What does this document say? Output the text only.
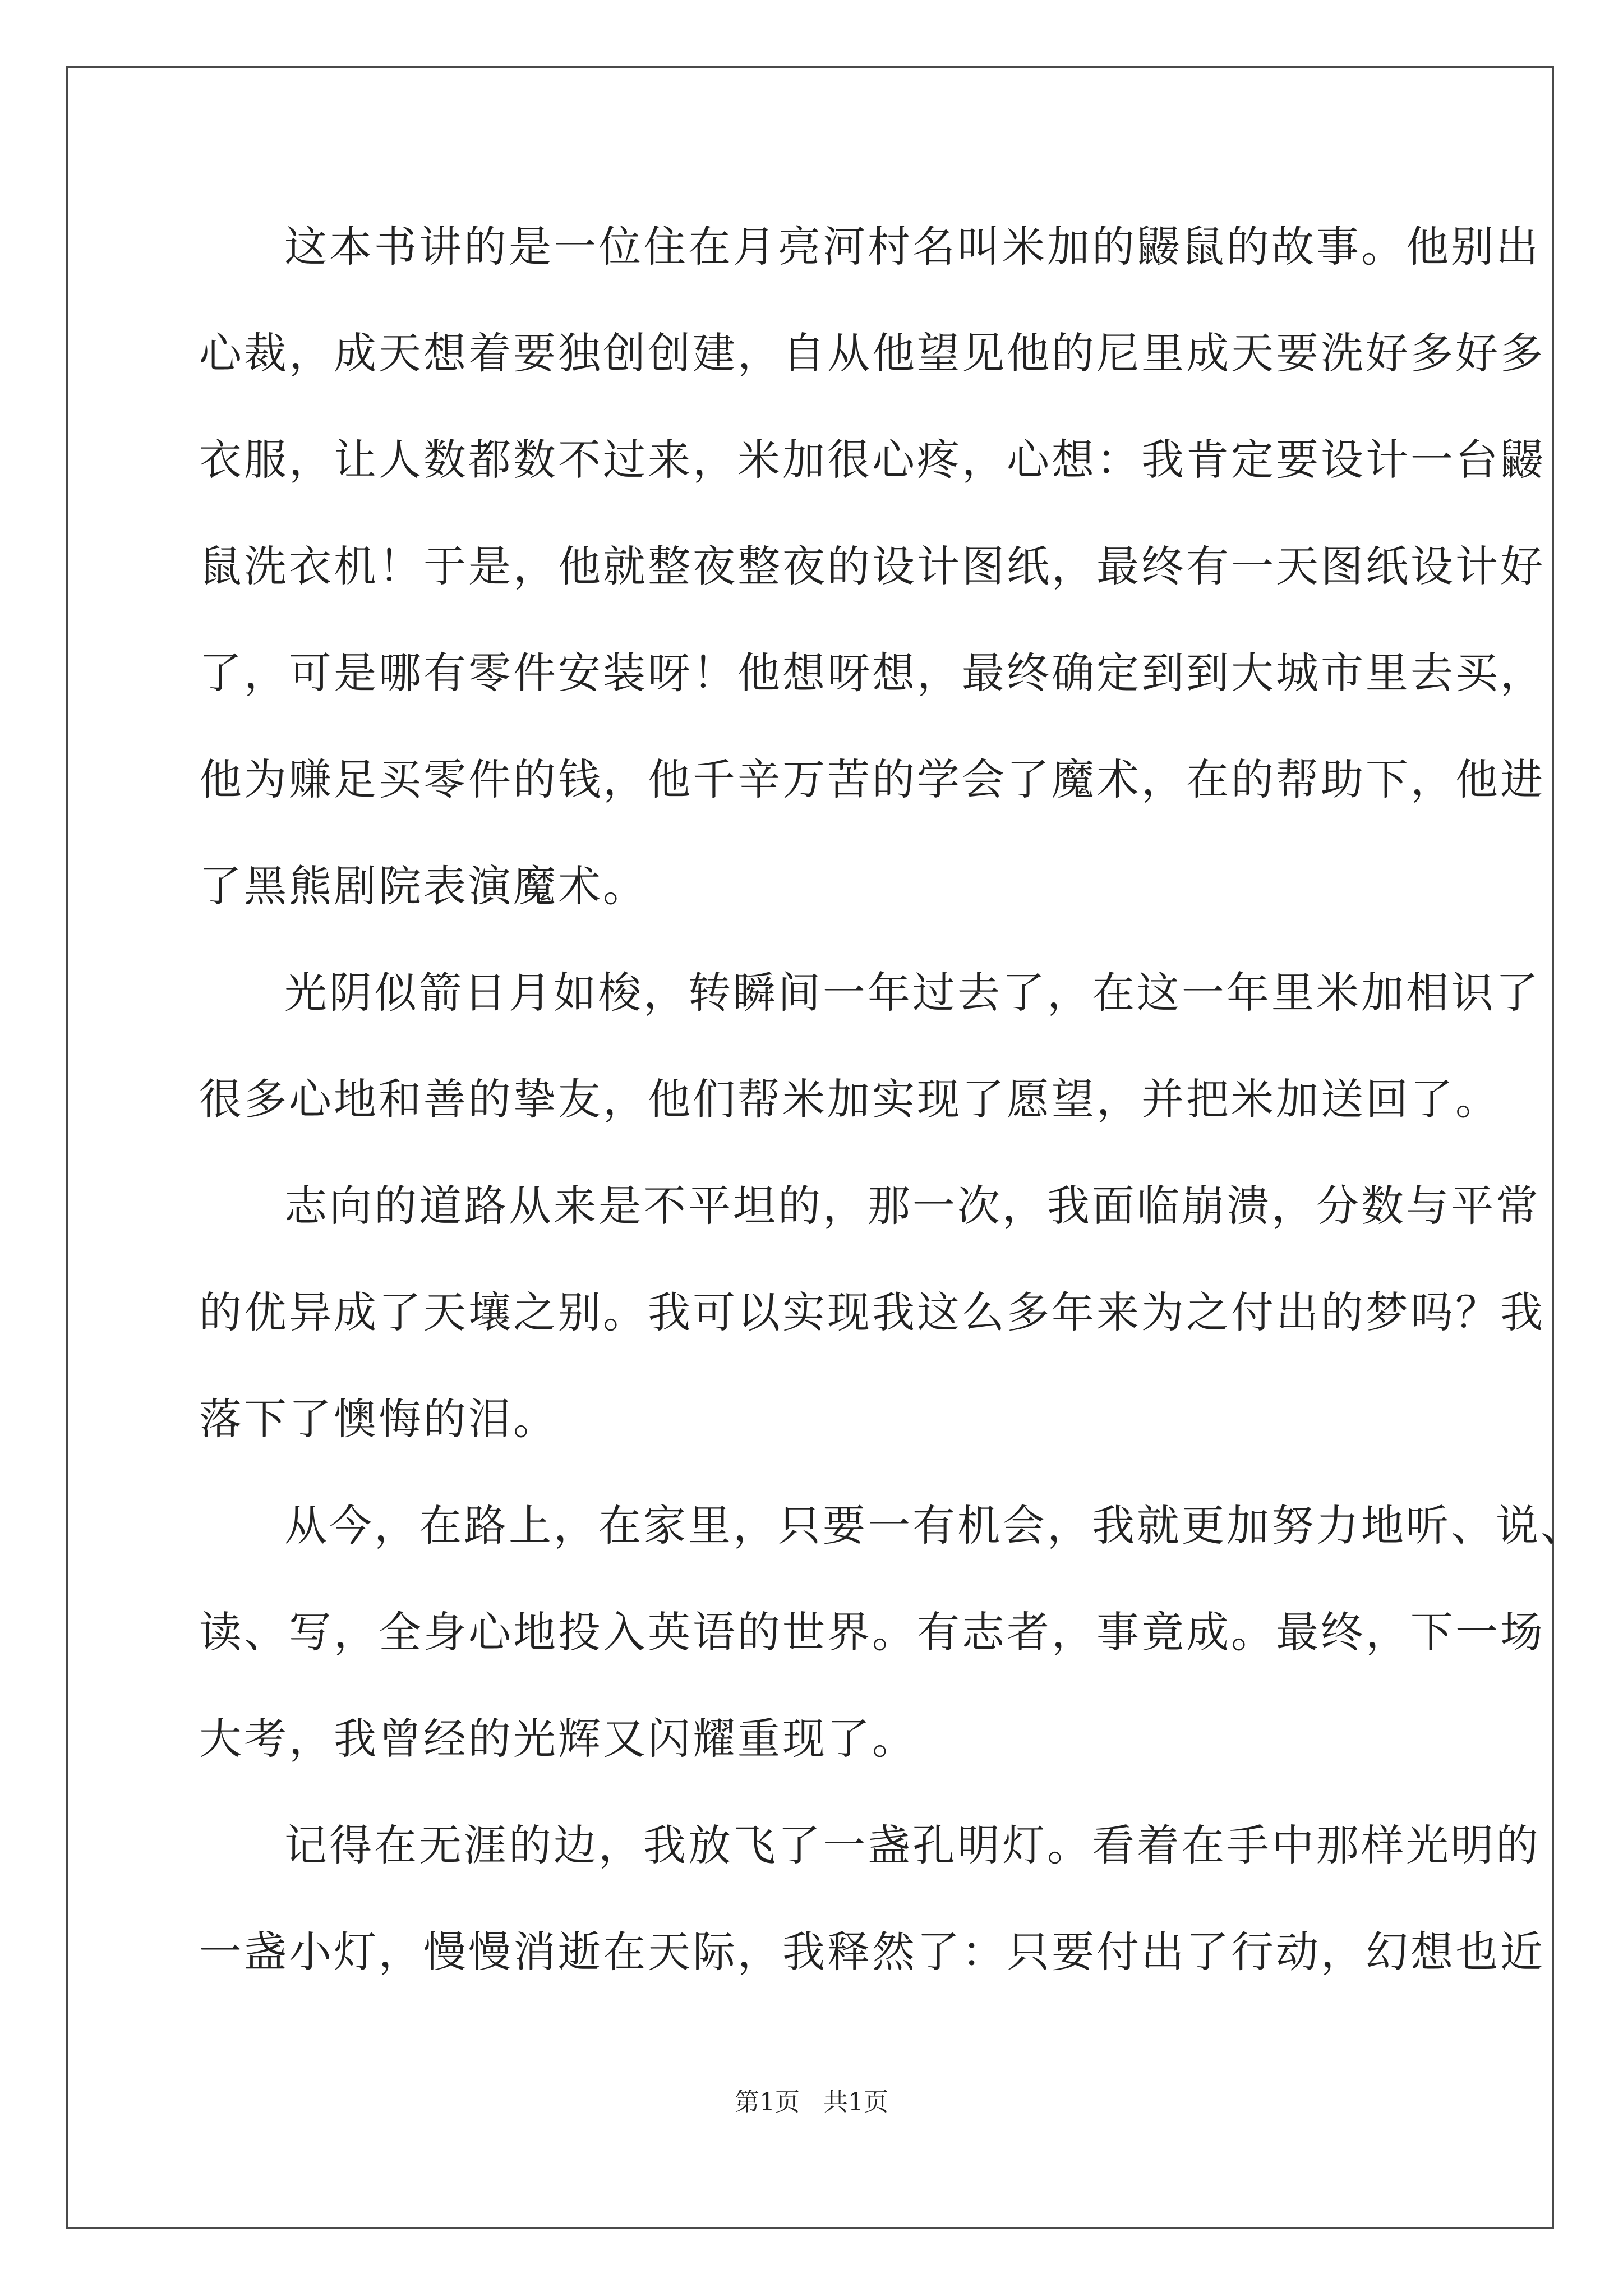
这本书讲的是一位住在月亮河村名叫米加的鼹鼠的故事。他别出
心裁，成天想着要独创创建，自从他望见他的尼里成天要洗好多好多
衣服，让人数都数不过来，米加很心疼，心想：我肯定要设计一台鼹
鼠洗衣机！于是，他就整夜整夜的设计图纸，最终有一天图纸设计好
了，可是哪有零件安装呀！他想呀想，最终确定到到大城市里去买，
他为赚足买零件的钱，他千辛万苦的学会了魔术，在的帮助下，他进
了黑熊剧院表演魔术。
光阴似箭日月如梭，转瞬间一年过去了，在这一年里米加相识了
很多心地和善的挚友，他们帮米加实现了愿望，并把米加送回了。
志向的道路从来是不平坦的，那一次，我面临崩溃，分数与平常
的优异成了天壤之别。我可以实现我这么多年来为之付出的梦吗？我
落下了懊悔的泪。
从今，在路上，在家里，只要一有机会，我就更加努力地听、说、
读、写，全身心地投入英语的世界。有志者，事竟成。最终，下一场
大考，我曾经的光辉又闪耀重现了。
记得在无涯的边，我放飞了一盏孔明灯。看着在手中那样光明的
一盏小灯，慢慢消逝在天际，我释然了：只要付出了行动，幻想也近
第1页   共1页
